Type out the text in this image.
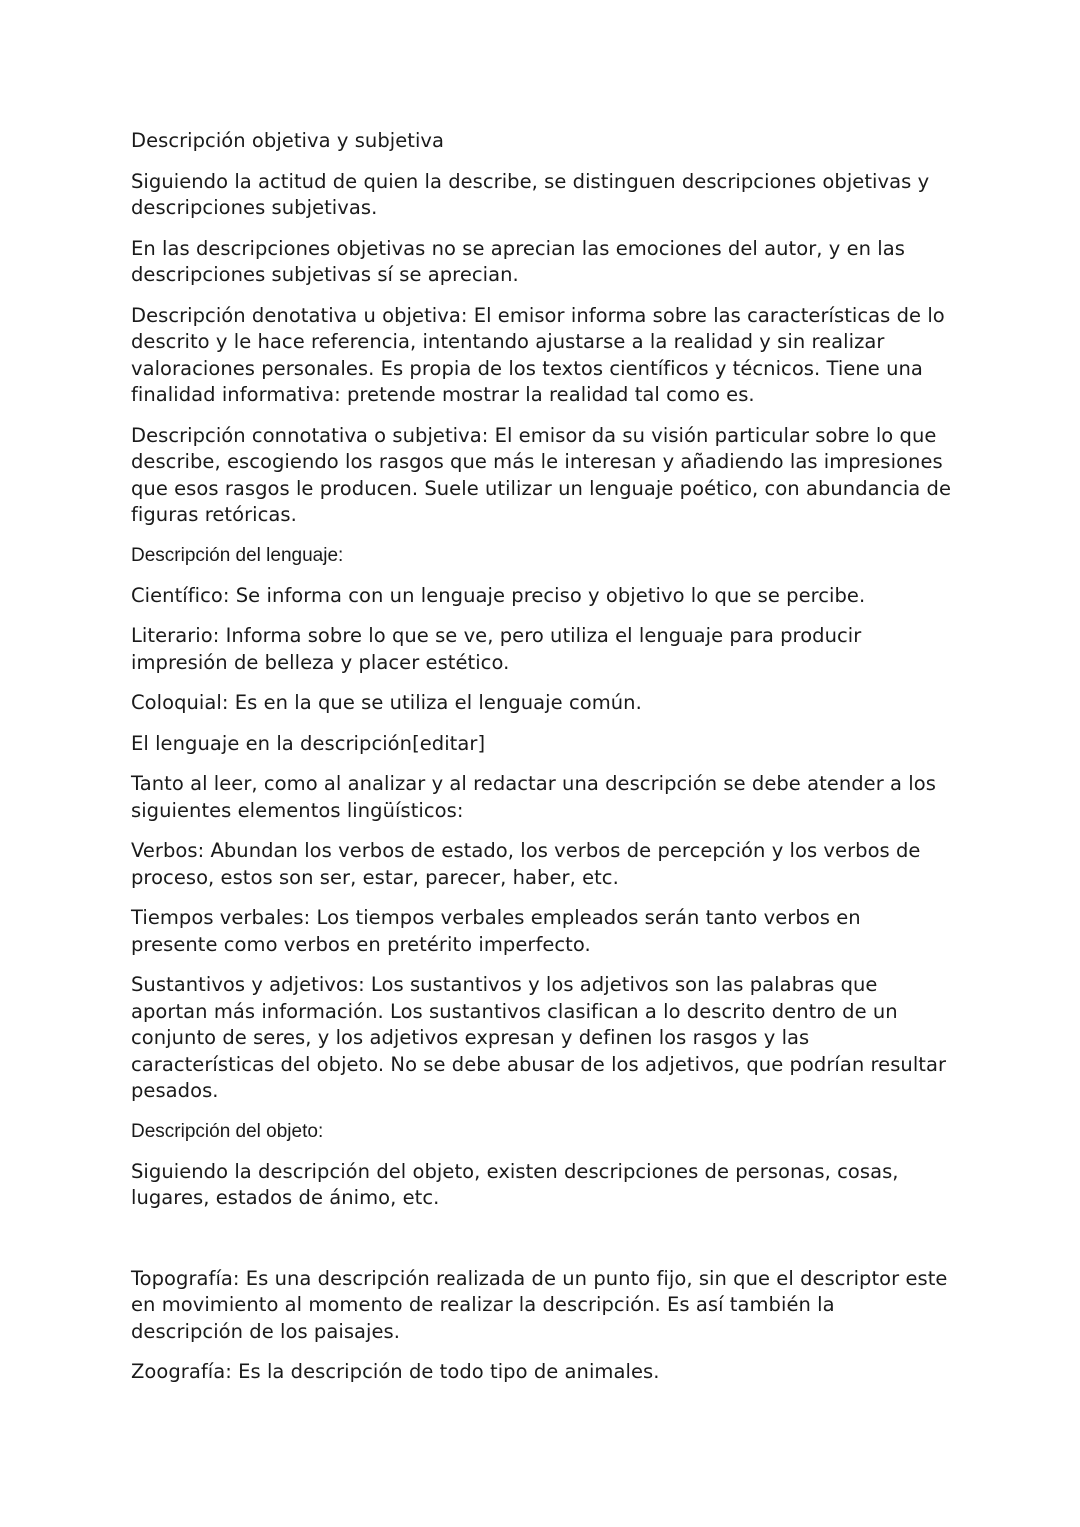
Descripción objetiva y subjetiva

Siguiendo la actitud de quien la describe, se distinguen descripciones objetivas y descripciones subjetivas.

En las descripciones objetivas no se aprecian las emociones del autor, y en las descripciones subjetivas sí se aprecian.

Descripción denotativa u objetiva: El emisor informa sobre las características de lo descrito y le hace referencia, intentando ajustarse a la realidad y sin realizar valoraciones personales. Es propia de los textos científicos y técnicos. Tiene una finalidad informativa: pretende mostrar la realidad tal como es.

Descripción connotativa o subjetiva: El emisor da su visión particular sobre lo que describe, escogiendo los rasgos que más le interesan y añadiendo las impresiones que esos rasgos le producen. Suele utilizar un lenguaje poético, con abundancia de figuras retóricas.

Descripción del lenguaje:

Científico: Se informa con un lenguaje preciso y objetivo lo que se percibe.

Literario: Informa sobre lo que se ve, pero utiliza el lenguaje para producir impresión de belleza y placer estético.

Coloquial: Es en la que se utiliza el lenguaje común.

El lenguaje en la descripción[editar]

Tanto al leer, como al analizar y al redactar una descripción se debe atender a los siguientes elementos lingüísticos:

Verbos: Abundan los verbos de estado, los verbos de percepción y los verbos de proceso, estos son ser, estar, parecer, haber, etc.

Tiempos verbales: Los tiempos verbales empleados serán tanto verbos en presente como verbos en pretérito imperfecto.

Sustantivos y adjetivos: Los sustantivos y los adjetivos son las palabras que aportan más información. Los sustantivos clasifican a lo descrito dentro de un conjunto de seres, y los adjetivos expresan y definen los rasgos y las características del objeto. No se debe abusar de los adjetivos, que podrían resultar pesados.

Descripción del objeto:

Siguiendo la descripción del objeto, existen descripciones de personas, cosas, lugares, estados de ánimo, etc.

Topografía: Es una descripción realizada de un punto fijo, sin que el descriptor este en movimiento al momento de realizar la descripción. Es así también la descripción de los paisajes.

Zoografía: Es la descripción de todo tipo de animales.
